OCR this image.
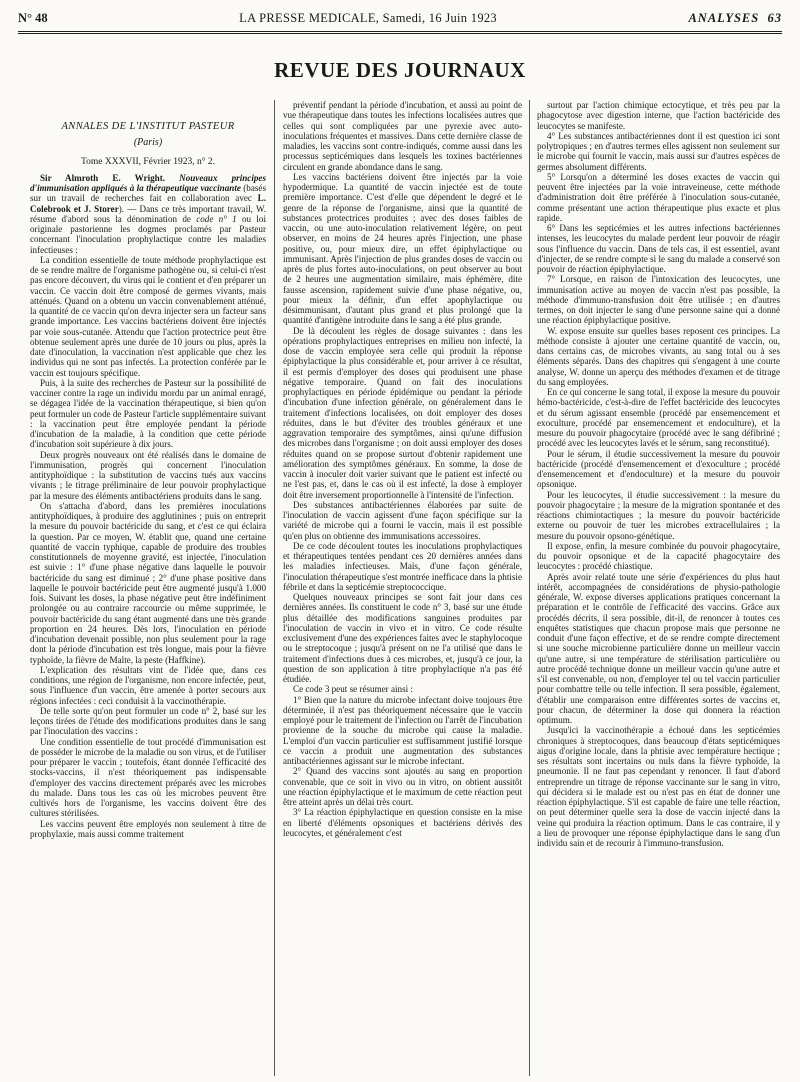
N° 48	LA PRESSE MEDICALE, Samedi, 16 Juin 1923	ANALYSES 63
REVUE DES JOURNAUX
ANNALES DE L'INSTITUT PASTEUR
(Paris)
Tome XXXVII, Février 1923, n° 2.

Sir Almroth E. Wright. Nouveaux principes d'immunisation appliqués à la thérapeutique vaccinante (basés sur un travail de recherches fait en collaboration avec L. Colebrook et J. Storer). — Dans ce très important travail, W. résume d'abord sous la dénomination de code n° 1 ou loi originale pastorienne les dogmes proclamés par Pasteur concernant l'inoculation prophylactique contre les maladies infectieuses :

La condition essentielle de toute méthode prophylactique est de se rendre maître de l'organisme pathogène ou, si celui-ci n'est pas encore découvert, du virus qui le contient et d'en préparer un vaccin. Ce vaccin doit être composé de germes vivants, mais atténués. Quand on a obtenu un vaccin convenablement atténué, la quantité de ce vaccin qu'on devra injecter sera un facteur sans grande importance. Les vaccins bactériens doivent être injectés par voie sous-cutanée. Attendu que l'action protectrice peut être obtenue seulement après une durée de 10 jours ou plus, après la date d'inoculation, la vaccination n'est applicable que chez les individus qui ne sont pas infectés. La protection conférée par le vaccin est toujours spécifique.

Puis, à la suite des recherches de Pasteur sur la possibilité de vacciner contre la rage un individu mordu par un animal enragé, se dégagea l'idée de la vaccination thérapeutique, si bien qu'on peut formuler un code de Pasteur l'article supplémentaire suivant : la vaccination peut être employée pendant la période d'incubation de la maladie, à la condition que cette période d'incubation soit supérieure à dix jours.

Deux progrès nouveaux ont été réalisés dans le domaine de l'immunisation, progrès qui concernent l'inoculation antityphoïdique : la substitution de vaccins tués aux vaccins vivants ; le titrage préliminaire de leur pouvoir prophylactique par la mesure des éléments antibactériens produits dans le sang.

On s'attacha d'abord, dans les premières inoculations antityphoïdiques, à produire des agglutinines ; puis on entreprit la mesure du pouvoir bactéricide du sang, et c'est ce qui éclaira la question. Par ce moyen, W. établit que, quand une certaine quantité de vaccin typhique, capable de produire des troubles constitutionnels de moyenne gravité, est injectée, l'inoculation est suivie : 1° d'une phase négative dans laquelle le pouvoir bactéricide du sang est diminué ; 2° d'une phase positive dans laquelle le pouvoir bactéricide peut être augmenté jusqu'à 1.000 fois. Suivant les doses, la phase négative peut être indéfiniment prolongée ou au contraire raccourcie ou même supprimée, le pouvoir bactéricide du sang étant augmenté dans une très grande proportion en 24 heures. Dès lors, l'inoculation en période d'incubation devenait possible, non plus seulement pour la rage dont la période d'incubation est très longue, mais pour la fièvre typhoïde, la fièvre de Malte, la peste (Haffkine).

L'explication des résultats vint de l'idée que, dans ces conditions, une région de l'organisme, non encore infectée, peut, sous l'influence d'un vaccin, être amenée à porter secours aux régions infectées : ceci conduisit à la vaccinothérapie.

De telle sorte qu'on peut formuler un code n° 2, basé sur les leçons tirées de l'étude des modifications produites dans le sang par l'inoculation des vaccins :

Une condition essentielle de tout procédé d'immunisation est de posséder le microbe de la maladie ou son virus, et de l'utiliser pour préparer le vaccin ; toutefois, étant donnée l'efficacité des stocks-vaccins, il n'est théoriquement pas indispensable d'employer des vaccins directement préparés avec les microbes du malade. Dans tous les cas où les microbes peuvent être cultivés hors de l'organisme, les vaccins doivent être des cultures stérilisées.

Les vaccins peuvent être employés non seulement à titre de prophylaxie, mais aussi comme traitement

préventif pendant la période d'incubation, et aussi au point de vue thérapeutique dans toutes les infections localisées autres que celles qui sont compliquées par une pyrexie avec auto-inoculations fréquentes et massives. Dans cette dernière classe de maladies, les vaccins sont contre-indiqués, comme aussi dans les processus septicémiques dans lesquels les toxines bactériennes circulent en grande abondance dans le sang.

Les vaccins bactériens doivent être injectés par la voie hypodermique. La quantité de vaccin injectée est de toute première importance. C'est d'elle que dépendent le degré et le genre de la réponse de l'organisme, ainsi que la quantité de substances protectrices produites ; avec des doses faibles de vaccin, ou une auto-inoculation relativement légère, on peut observer, en moins de 24 heures après l'injection, une phase positive, ou, pour mieux dire, un effet épiphylactique ou immunisant. Après l'injection de plus grandes doses de vaccin ou après de plus fortes auto-inoculations, on peut observer au bout de 2 heures une augmentation similaire, mais éphémère, dite fausse ascension, rapidement suivie d'une phase négative, ou, pour mieux la définir, d'un effet apophylactique ou désimmunisant, d'autant plus grand et plus prolongé que la quantité d'antigène introduite dans le sang a été plus grande.

De là découlent les règles de dosage suivantes : dans les opérations prophylactiques entreprises en milieu non infecté, la dose de vaccin employée sera celle qui produit la réponse épiphylactique la plus considérable et, pour arriver à ce résultat, il est permis d'employer des doses qui produisent une phase négative temporaire. Quand on fait des inoculations prophylactiques en période épidémique ou pendant la période d'incubation d'une infection générale, on généralement dans le traitement d'infections localisées, on doit employer des doses réduites, dans le but d'éviter des troubles généraux et une aggravation temporaire des symptômes, ainsi qu'une diffusion des microbes dans l'organisme ; on doit aussi employer des doses réduites quand on se propose surtout d'obtenir rapidement une amélioration des symptômes généraux. En somme, la dose de vaccin à inoculer doit varier suivant que le patient est infecté ou ne l'est pas, et, dans le cas où il est infecté, la dose à employer doit être inversement proportionnelle à l'intensité de l'infection.

Des substances antibactériennes élaborées par suite de l'inoculation de vaccin agissent d'une façon spécifique sur la variété de microbe qui a fourni le vaccin, mais il est possible qu'en plus on obtienne des immunisations accessoires.

De ce code découlent toutes les inoculations prophylactiques et thérapeutiques tentées pendant ces 20 dernières années dans les maladies infectieuses. Mais, d'une façon générale, l'inoculation thérapeutique s'est montrée inefficace dans la phtisie fébrile et dans la septicémie streptococcique.

Quelques nouveaux principes se sont fait jour dans ces dernières années. Ils constituent le code n° 3, basé sur une étude plus détaillée des modifications sanguines produites par l'inoculation de vaccin in vivo et in vitro. Ce code résulte exclusivement d'une des expériences faites avec le staphylocoque ou le streptocoque ; jusqu'à présent on ne l'a utilisé que dans le traitement d'infections dues à ces microbes, et, jusqu'à ce jour, la question de son application à titre prophylactique n'a pas été étudiée.

Ce code 3 peut se résumer ainsi :

1° Bien que la nature du microbe infectant doive toujours être déterminée, il n'est pas théoriquement nécessaire que le vaccin employé pour le traitement de l'infection ou l'arrêt de l'incubation provienne de la souche du microbe qui cause la maladie. L'emploi d'un vaccin particulier est suffisamment justifié lorsque ce vaccin a produit une augmentation des substances antibactériennes agissant sur le microbe infectant.

2° Quand des vaccins sont ajoutés au sang en proportion convenable, que ce soit in vivo ou in vitro, on obtient aussitôt une réaction épiphylactique et le maximum de cette réaction peut être atteint après un délai très court.

3° La réaction épiphylactique en question consiste en la mise en liberté d'éléments opsoniques et bactériens dérivés des leucocytes, et généralement c'est

surtout par l'action chimique ectocytique, et très peu par la phagocytose avec digestion interne, que l'action bactéricide des leucocytes se manifeste.

4° Les substances antibactériennes dont il est question ici sont polytropiques ; en d'autres termes elles agissent non seulement sur le microbe qui fournit le vaccin, mais aussi sur d'autres espèces de germes absolument différents.

5° Lorsqu'on a déterminé les doses exactes de vaccin qui peuvent être injectées par la voie intraveineuse, cette méthode d'administration doit être préférée à l'inoculation sous-cutanée, comme présentant une action thérapeutique plus exacte et plus rapide.

6° Dans les septicémies et les autres infections bactériennes intenses, les leucocytes du malade perdent leur pouvoir de réagir sous l'influence du vaccin. Dans de tels cas, il est essentiel, avant d'injecter, de se rendre compte si le sang du malade a conservé son pouvoir de réaction épiphylactique.

7° Lorsque, en raison de l'intoxication des leucocytes, une immunisation active au moyen de vaccin n'est pas possible, la méthode d'immuno-transfusion doit être utilisée ; en d'autres termes, on doit injecter le sang d'une personne saine qui a donné une réaction épiphylactique positive.

W. expose ensuite sur quelles bases reposent ces principes. La méthode consiste à ajouter une certaine quantité de vaccin, ou, dans certains cas, de microbes vivants, au sang total ou à ses éléments séparés. Dans des chapitres qui s'engagent à une courte analyse, W. donne un aperçu des méthodes d'examen et de titrage du sang employées.

En ce qui concerne le sang total, il expose la mesure du pouvoir hémo-bactéricide, c'est-à-dire de l'effet bactéricide des leucocytes et du sérum agissant ensemble (procédé par ensemencement et exoculture, procédé par ensemencement et endoculture), et la mesure du pouvoir phagocytaire (procédé avec le sang défibriné ; procédé avec les leucocytes lavés et le sérum, sang reconstitué).

Pour le sérum, il étudie successivement la mesure du pouvoir bactéricide (procédé d'ensemencement et d'exoculture ; procédé d'ensemencement et d'endoculture) et la mesure du pouvoir opsonique.

Pour les leucocytes, il étudie successivement : la mesure du pouvoir phagocytaire ; la mesure de la migration spontanée et des réactions chimiotactiques ; la mesure du pouvoir bactéricide externe ou pouvoir de tuer les microbes extracellulaires ; la mesure du pouvoir opsono-génétique.

Il expose, enfin, la mesure combinée du pouvoir phagocytaire, du pouvoir opsonique et de la capacité phagocytaire des leucocytes : procédé chiastique.

Après avoir relaté toute une série d'expériences du plus haut intérêt, accompagnées de considérations de physio-pathologie générale, W. expose diverses applications pratiques concernant la préparation et le contrôle de l'efficacité des vaccins. Grâce aux procédés décrits, il sera possible, dit-il, de renoncer à toutes ces enquêtes statistiques que chacun propose mais que personne ne conduit d'une façon effective, et de se rendre compte directement si une souche microbienne particulière donne un meilleur vaccin qu'une autre, si une température de stérilisation particulière ou autre procédé technique donne un meilleur vaccin qu'une autre et s'il est convenable, ou non, d'employer tel ou tel vaccin particulier pour combattre telle ou telle infection. Il sera possible, également, d'établir une comparaison entre différentes sortes de vaccins et, pour chacun, de déterminer la dose qui donnera la réaction optimum.

Jusqu'ici la vaccinothérapie a échoué dans les septicémies chroniques à streptocoques, dans beaucoup d'états septicémiques aigus d'origine locale, dans la phtisie avec température hectique ; ses résultats sont incertains ou nuls dans la fièvre typhoïde, la pneumonie. Il ne faut pas cependant y renoncer. Il faut d'abord entreprendre un titrage de réponse vaccinante sur le sang in vitro, qui décidera si le malade est ou n'est pas en état de donner une réaction épiphylactique. S'il est capable de faire une telle réaction, on peut déterminer quelle sera la dose de vaccin injecté dans la veine qui produira la réaction optimum. Dans le cas contraire, il y a lieu de provoquer une réponse épiphylactique dans le sang d'un individu sain et de recourir à l'immuno-transfusion.
